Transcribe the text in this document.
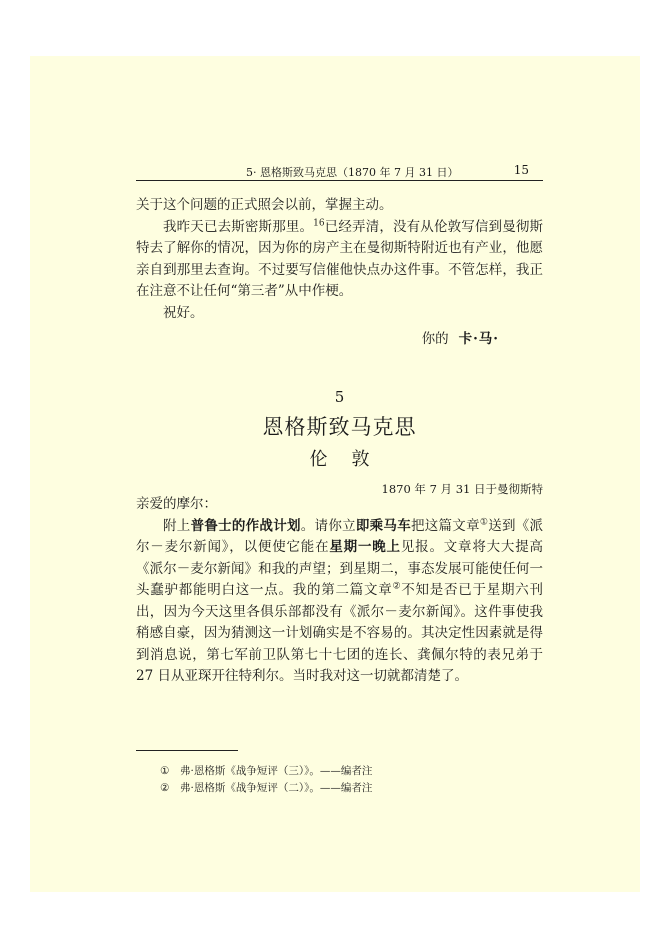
5· 恩格斯致马克思（1870 年 7 月 31 日）	15

关于这个问题的正式照会以前，掌握主动。

我昨天已去斯密斯那里。$^{16}$已经弄清，没有从伦敦写信到曼彻斯特去了解你的情况，因为你的房产主在曼彻斯特附近也有产业，他愿亲自到那里去查询。不过要写信催他快点办这件事。不管怎样，我正在注意不让任何“第三者”从中作梗。

祝好。

你的 卡·马·

5
恩格斯致马克思
伦敦
1870 年 7 月 31 日于曼彻斯特

亲爱的摩尔：

附上普鲁士的作战计划。请你立即乘马车把这篇文章①送到《派尔－麦尔新闻》，以便使它能在星期一晚上见报。文章将大大提高《派尔－麦尔新闻》和我的声望；到星期二，事态发展可能使任何一头蠢驴都能明白这一点。我的第二篇文章②不知是否已于星期六刊出，因为今天这里各俱乐部都没有《派尔－麦尔新闻》。这件事使我稍感自豪，因为猜测这一计划确实是不容易的。其决定性因素就是得到消息说，第七军前卫队第七十七团的连长、龚佩尔特的表兄弟于 27 日从亚琛开往特利尔。当时我对这一切就都清楚了。

① 弗·恩格斯《战争短评（三）》。——编者注
② 弗·恩格斯《战争短评（二）》。——编者注
